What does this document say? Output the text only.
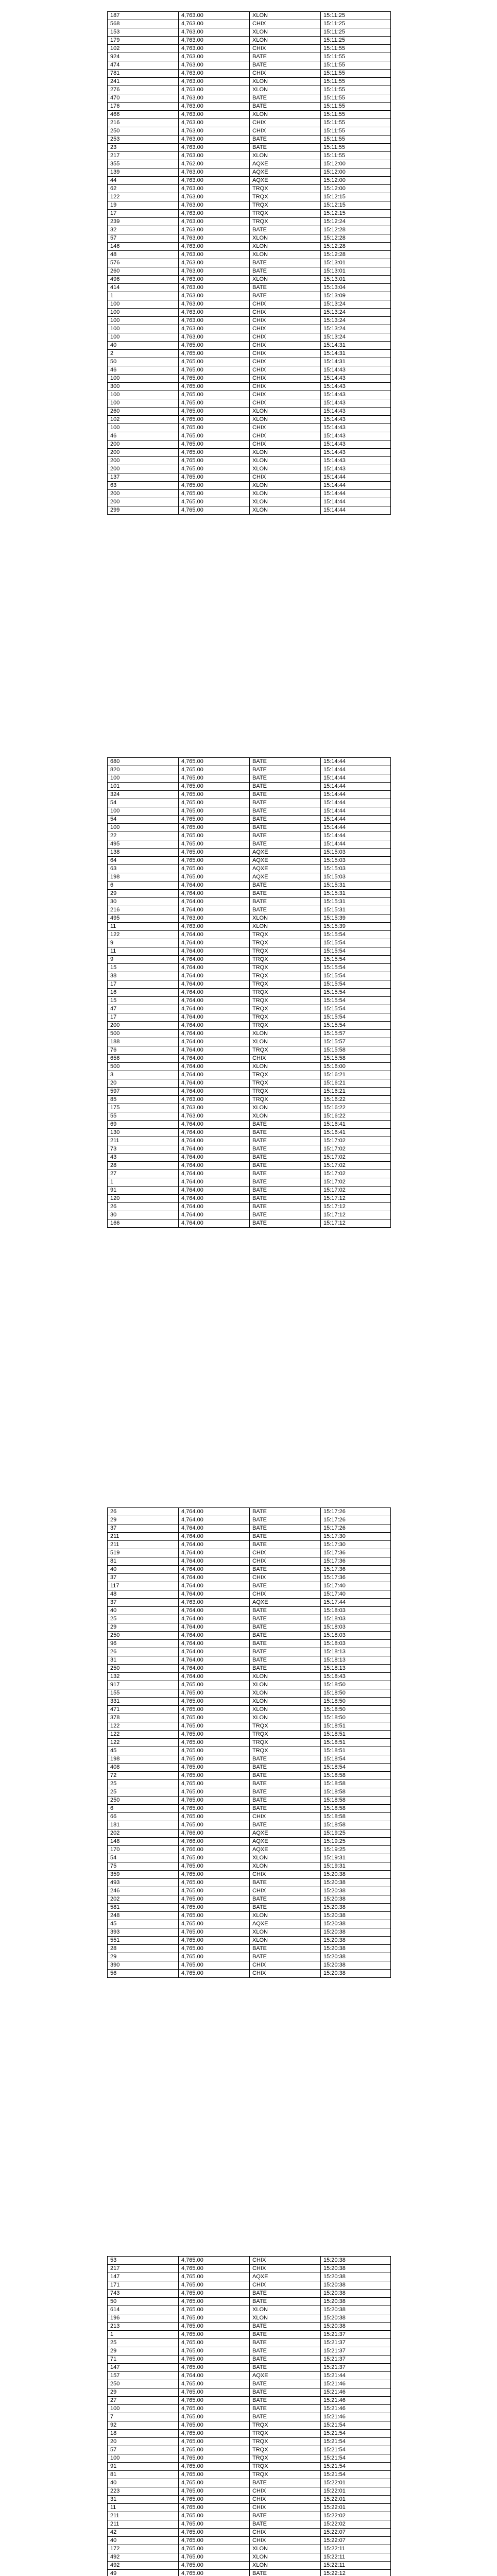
187	4,763.00	XLON	15:11:25
568	4,763.00	CHIX	15:11:25
153	4,763.00	XLON	15:11:25
179	4,763.00	XLON	15:11:25
102	4,763.00	CHIX	15:11:55
924	4,763.00	BATE	15:11:55
474	4,763.00	BATE	15:11:55
781	4,763.00	CHIX	15:11:55
241	4,763.00	XLON	15:11:55
276	4,763.00	XLON	15:11:55
470	4,763.00	BATE	15:11:55
176	4,763.00	BATE	15:11:55
466	4,763.00	XLON	15:11:55
216	4,763.00	CHIX	15:11:55
250	4,763.00	CHIX	15:11:55
253	4,763.00	BATE	15:11:55
23	4,763.00	BATE	15:11:55
217	4,763.00	XLON	15:11:55
355	4,762.00	AQXE	15:12:00
139	4,763.00	AQXE	15:12:00
44	4,763.00	AQXE	15:12:00
62	4,763.00	TRQX	15:12:00
122	4,763.00	TRQX	15:12:15
19	4,763.00	TRQX	15:12:15
17	4,763.00	TRQX	15:12:15
239	4,763.00	TRQX	15:12:24
32	4,763.00	BATE	15:12:28
57	4,763.00	XLON	15:12:28
146	4,763.00	XLON	15:12:28
48	4,763.00	XLON	15:12:28
576	4,763.00	BATE	15:13:01
260	4,763.00	BATE	15:13:01
496	4,763.00	XLON	15:13:01
414	4,763.00	BATE	15:13:04
1	4,763.00	BATE	15:13:09
100	4,763.00	CHIX	15:13:24
100	4,763.00	CHIX	15:13:24
100	4,763.00	CHIX	15:13:24
100	4,763.00	CHIX	15:13:24
100	4,763.00	CHIX	15:13:24
40	4,765.00	CHIX	15:14:31
2	4,765.00	CHIX	15:14:31
50	4,765.00	CHIX	15:14:31
46	4,765.00	CHIX	15:14:43
100	4,765.00	CHIX	15:14:43
300	4,765.00	CHIX	15:14:43
100	4,765.00	CHIX	15:14:43
100	4,765.00	CHIX	15:14:43
260	4,765.00	XLON	15:14:43
102	4,765.00	XLON	15:14:43
100	4,765.00	CHIX	15:14:43
46	4,765.00	CHIX	15:14:43
200	4,765.00	CHIX	15:14:43
200	4,765.00	XLON	15:14:43
200	4,765.00	XLON	15:14:43
200	4,765.00	XLON	15:14:43
137	4,765.00	CHIX	15:14:44
63	4,765.00	XLON	15:14:44
200	4,765.00	XLON	15:14:44
200	4,765.00	XLON	15:14:44
299	4,765.00	XLON	15:14:44
680	4,765.00	BATE	15:14:44
820	4,765.00	BATE	15:14:44
100	4,765.00	BATE	15:14:44
101	4,765.00	BATE	15:14:44
324	4,765.00	BATE	15:14:44
54	4,765.00	BATE	15:14:44
100	4,765.00	BATE	15:14:44
54	4,765.00	BATE	15:14:44
100	4,765.00	BATE	15:14:44
22	4,765.00	BATE	15:14:44
495	4,765.00	BATE	15:14:44
138	4,765.00	AQXE	15:15:03
64	4,765.00	AQXE	15:15:03
63	4,765.00	AQXE	15:15:03
198	4,765.00	AQXE	15:15:03
6	4,764.00	BATE	15:15:31
29	4,764.00	BATE	15:15:31
30	4,764.00	BATE	15:15:31
216	4,764.00	BATE	15:15:31
495	4,763.00	XLON	15:15:39
11	4,763.00	XLON	15:15:39
122	4,764.00	TRQX	15:15:54
9	4,764.00	TRQX	15:15:54
11	4,764.00	TRQX	15:15:54
9	4,764.00	TRQX	15:15:54
15	4,764.00	TRQX	15:15:54
38	4,764.00	TRQX	15:15:54
17	4,764.00	TRQX	15:15:54
16	4,764.00	TRQX	15:15:54
15	4,764.00	TRQX	15:15:54
47	4,764.00	TRQX	15:15:54
17	4,764.00	TRQX	15:15:54
200	4,764.00	TRQX	15:15:54
500	4,764.00	XLON	15:15:57
188	4,764.00	XLON	15:15:57
76	4,764.00	TRQX	15:15:58
656	4,764.00	CHIX	15:15:58
500	4,764.00	XLON	15:16:00
3	4,764.00	TRQX	15:16:21
20	4,764.00	TRQX	15:16:21
597	4,764.00	TRQX	15:16:21
85	4,763.00	TRQX	15:16:22
175	4,763.00	XLON	15:16:22
55	4,763.00	XLON	15:16:22
69	4,764.00	BATE	15:16:41
130	4,764.00	BATE	15:16:41
211	4,764.00	BATE	15:17:02
73	4,764.00	BATE	15:17:02
43	4,764.00	BATE	15:17:02
28	4,764.00	BATE	15:17:02
27	4,764.00	BATE	15:17:02
1	4,764.00	BATE	15:17:02
91	4,764.00	BATE	15:17:02
120	4,764.00	BATE	15:17:12
26	4,764.00	BATE	15:17:12
30	4,764.00	BATE	15:17:12
166	4,764.00	BATE	15:17:12
26	4,764.00	BATE	15:17:26
29	4,764.00	BATE	15:17:26
37	4,764.00	BATE	15:17:26
211	4,764.00	BATE	15:17:30
211	4,764.00	BATE	15:17:30
519	4,764.00	CHIX	15:17:36
81	4,764.00	CHIX	15:17:36
40	4,764.00	BATE	15:17:36
37	4,764.00	CHIX	15:17:36
117	4,764.00	BATE	15:17:40
48	4,764.00	CHIX	15:17:40
37	4,763.00	AQXE	15:17:44
40	4,764.00	BATE	15:18:03
25	4,764.00	BATE	15:18:03
29	4,764.00	BATE	15:18:03
250	4,764.00	BATE	15:18:03
96	4,764.00	BATE	15:18:03
26	4,764.00	BATE	15:18:13
31	4,764.00	BATE	15:18:13
250	4,764.00	BATE	15:18:13
132	4,764.00	XLON	15:18:43
917	4,765.00	XLON	15:18:50
155	4,765.00	XLON	15:18:50
331	4,765.00	XLON	15:18:50
471	4,765.00	XLON	15:18:50
378	4,765.00	XLON	15:18:50
122	4,765.00	TRQX	15:18:51
122	4,765.00	TRQX	15:18:51
122	4,765.00	TRQX	15:18:51
45	4,765.00	TRQX	15:18:51
198	4,765.00	BATE	15:18:54
408	4,765.00	BATE	15:18:54
72	4,765.00	BATE	15:18:58
25	4,765.00	BATE	15:18:58
25	4,765.00	BATE	15:18:58
250	4,765.00	BATE	15:18:58
6	4,765.00	BATE	15:18:58
66	4,765.00	CHIX	15:18:58
181	4,765.00	BATE	15:18:58
202	4,766.00	AQXE	15:19:25
148	4,766.00	AQXE	15:19:25
170	4,766.00	AQXE	15:19:25
54	4,765.00	XLON	15:19:31
75	4,765.00	XLON	15:19:31
359	4,765.00	CHIX	15:20:38
493	4,765.00	BATE	15:20:38
246	4,765.00	CHIX	15:20:38
202	4,765.00	BATE	15:20:38
581	4,765.00	BATE	15:20:38
248	4,765.00	XLON	15:20:38
45	4,765.00	AQXE	15:20:38
393	4,765.00	XLON	15:20:38
551	4,765.00	XLON	15:20:38
28	4,765.00	BATE	15:20:38
29	4,765.00	BATE	15:20:38
390	4,765.00	CHIX	15:20:38
56	4,765.00	CHIX	15:20:38
53	4,765.00	CHIX	15:20:38
217	4,765.00	CHIX	15:20:38
147	4,765.00	AQXE	15:20:38
171	4,765.00	CHIX	15:20:38
743	4,765.00	BATE	15:20:38
50	4,765.00	BATE	15:20:38
614	4,765.00	XLON	15:20:38
196	4,765.00	XLON	15:20:38
213	4,765.00	BATE	15:20:38
1	4,765.00	BATE	15:21:37
25	4,765.00	BATE	15:21:37
29	4,765.00	BATE	15:21:37
71	4,765.00	BATE	15:21:37
147	4,765.00	BATE	15:21:37
157	4,764.00	AQXE	15:21:44
250	4,765.00	BATE	15:21:46
29	4,765.00	BATE	15:21:46
27	4,765.00	BATE	15:21:46
100	4,765.00	BATE	15:21:46
7	4,765.00	BATE	15:21:46
92	4,765.00	TRQX	15:21:54
18	4,765.00	TRQX	15:21:54
20	4,765.00	TRQX	15:21:54
57	4,765.00	TRQX	15:21:54
100	4,765.00	TRQX	15:21:54
91	4,765.00	TRQX	15:21:54
81	4,765.00	TRQX	15:21:54
40	4,765.00	BATE	15:22:01
223	4,765.00	CHIX	15:22:01
31	4,765.00	CHIX	15:22:01
11	4,765.00	CHIX	15:22:01
211	4,765.00	BATE	15:22:02
211	4,765.00	BATE	15:22:02
42	4,765.00	CHIX	15:22:07
40	4,765.00	CHIX	15:22:07
172	4,765.00	XLON	15:22:11
492	4,765.00	XLON	15:22:11
492	4,765.00	XLON	15:22:11
49	4,765.00	BATE	15:22:12
